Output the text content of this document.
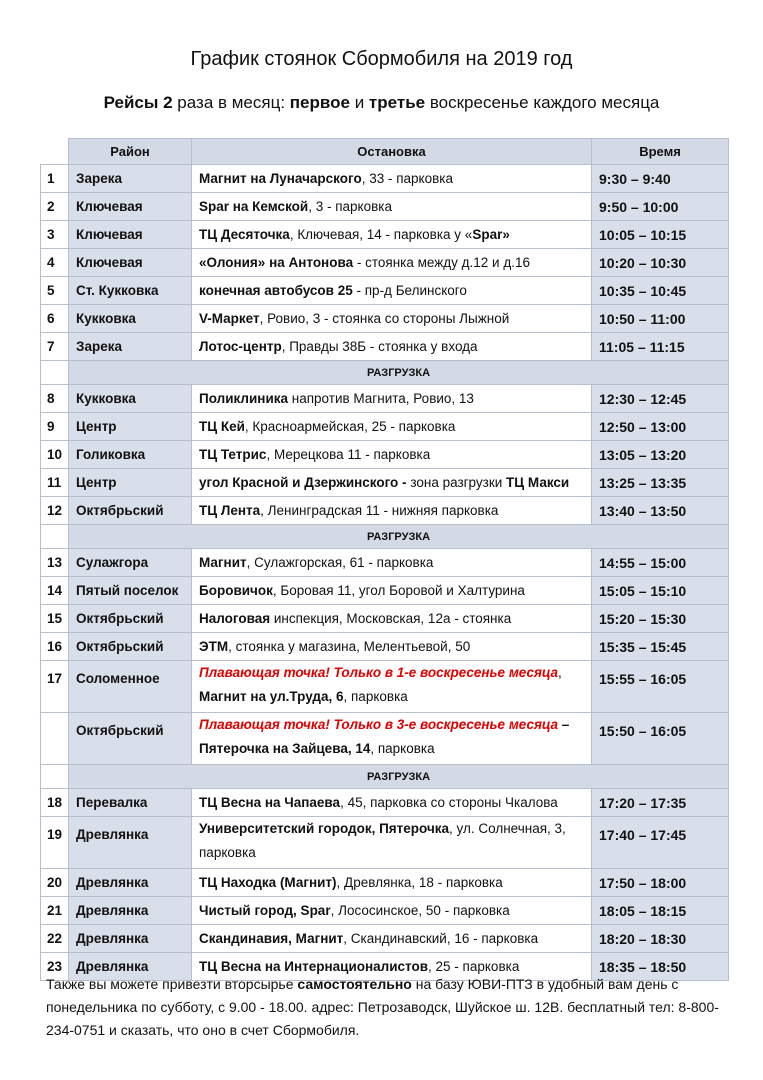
График стоянок Сбормобиля на 2019 год
Рейсы 2 раза в месяц: первое и третье воскресенье каждого месяца
	Район	Остановка	Время
1	Зарека	Магнит на Луначарского, 33 - парковка	9:30 – 9:40
2	Ключевая	Spar на Кемской, 3 - парковка	9:50 – 10:00
3	Ключевая	ТЦ Десяточка, Ключевая, 14 - парковка у «Spar»	10:05 – 10:15
4	Ключевая	«Олония» на Антонова - стоянка между д.12 и д.16	10:20 – 10:30
5	Ст. Кукковка	конечная автобусов 25 - пр-д Белинского	10:35 – 10:45
6	Кукковка	V-Маркет, Ровио, 3 - стоянка со стороны Лыжной	10:50 – 11:00
7	Зарека	Лотос-центр, Правды 38Б - стоянка у входа	11:05 – 11:15
	РАЗГРУЗКА		
8	Кукковка	Поликлиника напротив Магнита, Ровио, 13	12:30 – 12:45
9	Центр	ТЦ Кей, Красноармейская, 25 - парковка	12:50 – 13:00
10	Голиковка	ТЦ Тетрис, Мерецкова 11 - парковка	13:05 – 13:20
11	Центр	угол Красной и Дзержинского - зона разгрузки ТЦ Макси	13:25 – 13:35
12	Октябрьский	ТЦ Лента, Ленинградская 11 - нижняя парковка	13:40 – 13:50
	РАЗГРУЗКА		
13	Сулажгора	Магнит, Сулажгорская, 61 - парковка	14:55 – 15:00
14	Пятый поселок	Боровичок, Боровая 11, угол Боровой и Халтурина	15:05 – 15:10
15	Октябрьский	Налоговая инспекция, Московская, 12а - стоянка	15:20 – 15:30
16	Октябрьский	ЭТМ, стоянка у магазина, Мелентьевой, 50	15:35 – 15:45
17	Соломенное	Плавающая точка! Только в 1-е воскресенье месяца,
Магнит на ул.Труда, 6, парковка	15:55 – 16:05
	Октябрьский	Плавающая точка! Только в 3-е воскресенье месяца –
Пятерочка на Зайцева, 14, парковка	15:50 – 16:05
	РАЗГРУЗКА		
18	Перевалка	ТЦ Весна на Чапаева, 45, парковка со стороны Чкалова	17:20 – 17:35
19	Древлянка	Университетский городок, Пятерочка, ул. Солнечная, 3,
парковка	17:40 – 17:45
20	Древлянка	ТЦ Находка (Магнит), Древлянка, 18 - парковка	17:50 – 18:00
21	Древлянка	Чистый город, Spar, Лососинское, 50 - парковка	18:05 – 18:15
22	Древлянка	Скандинавия, Магнит, Скандинавский, 16 - парковка	18:20 – 18:30
23	Древлянка	ТЦ Весна на Интернационалистов, 25 - парковка	18:35 – 18:50
Также вы можете привезти вторсырье самостоятельно на базу ЮВИ-ПТЗ в удобный вам день с понедельника по субботу, с 9.00 - 18.00. адрес: Петрозаводск, Шуйское ш. 12В. бесплатный тел: 8-800-234-0751 и сказать, что оно в счет Сбормобиля.
